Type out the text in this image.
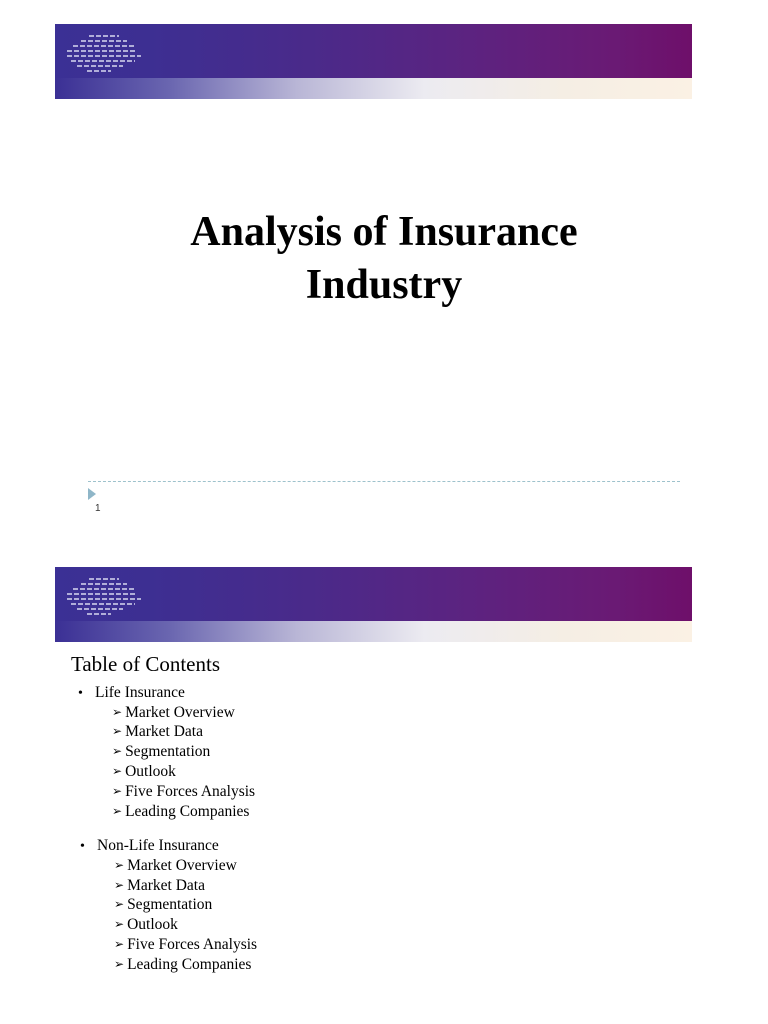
Analysis of Insurance
Industry
1
Table of Contents
• Life Insurance
➢ Market Overview
➢ Market Data
➢ Segmentation
➢ Outlook
➢ Five Forces Analysis
➢ Leading Companies
• Non-Life Insurance
➢ Market Overview
➢ Market Data
➢ Segmentation
➢ Outlook
➢ Five Forces Analysis
➢ Leading Companies
